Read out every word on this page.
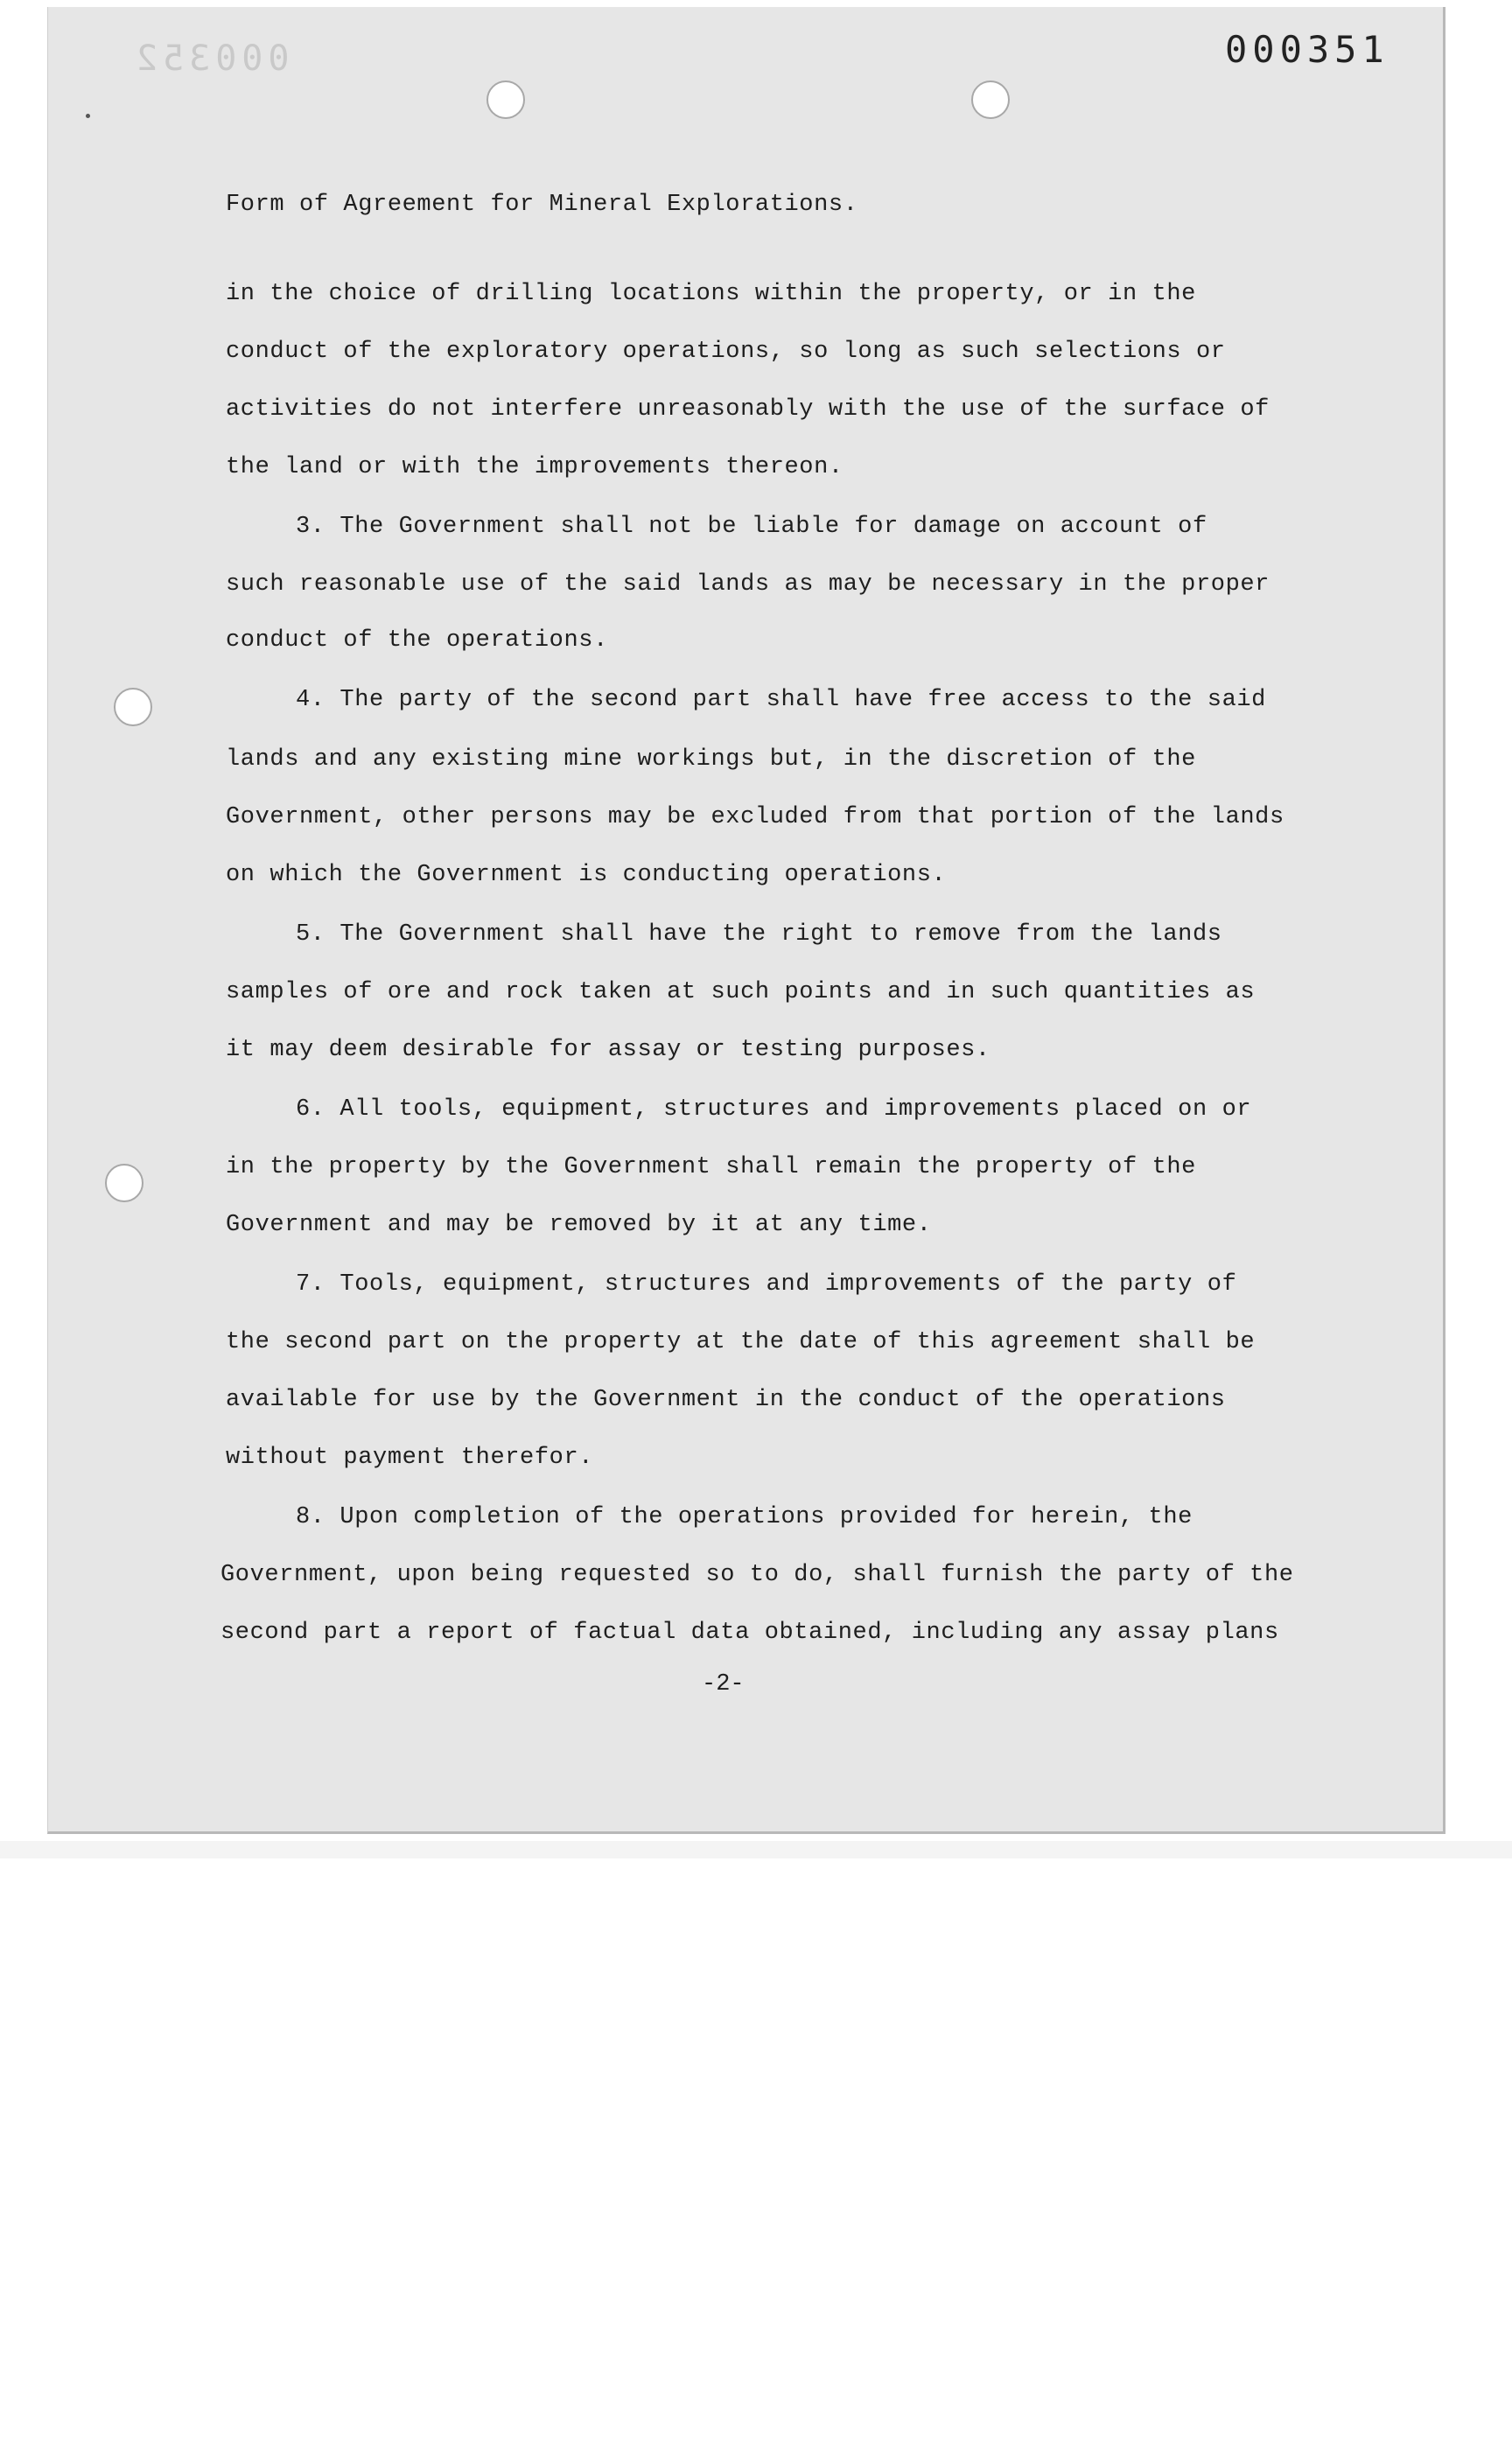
000352	000351
Form of Agreement for Mineral Explorations.
in the choice of drilling locations within the property, or in the
conduct of the exploratory operations, so long as such selections or
activities do not interfere unreasonably with the use of the surface of
the land or with the improvements thereon.
3. The Government shall not be liable for damage on account of
such reasonable use of the said lands as may be necessary in the proper
conduct of the operations.
4. The party of the second part shall have free access to the said
lands and any existing mine workings but, in the discretion of the
Government, other persons may be excluded from that portion of the lands
on which the Government is conducting operations.
5. The Government shall have the right to remove from the lands
samples of ore and rock taken at such points and in such quantities as
it may deem desirable for assay or testing purposes.
6. All tools, equipment, structures and improvements placed on or
in the property by the Government shall remain the property of the
Government and may be removed by it at any time.
7. Tools, equipment, structures and improvements of the party of
the second part on the property at the date of this agreement shall be
available for use by the Government in the conduct of the operations
without payment therefor.
8. Upon completion of the operations provided for herein, the
Government, upon being requested so to do, shall furnish the party of the
second part a report of factual data obtained, including any assay plans
-2-
